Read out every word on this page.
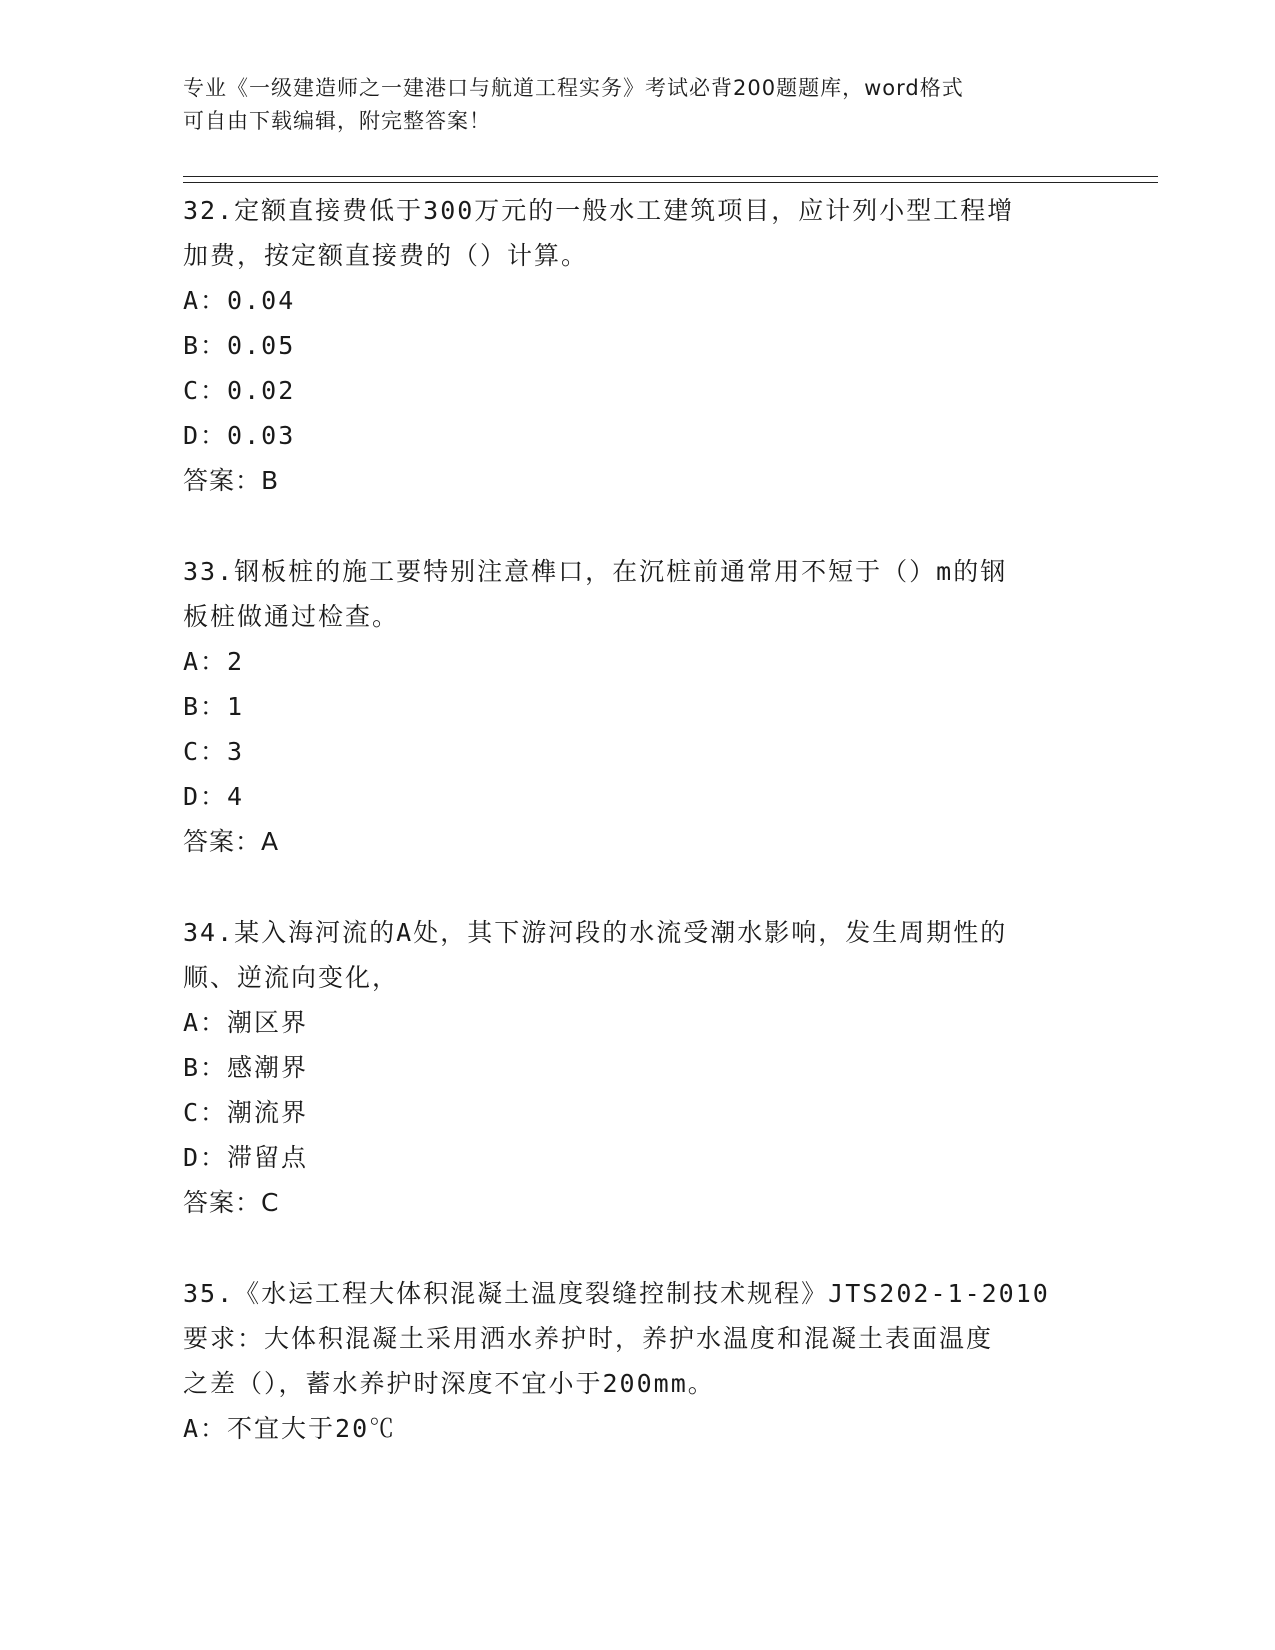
专业《一级建造师之一建港口与航道工程实务》考试必背200题题库，word格式
可自由下载编辑，附完整答案！

32.定额直接费低于300万元的一般水工建筑项目，应计列小型工程增

加费，按定额直接费的（）计算。

A：0.04

B：0.05

C：0.02

D：0.03

答案：B

33.钢板桩的施工要特别注意榫口，在沉桩前通常用不短于（）m的钢

板桩做通过检查。

A：2

B：1

C：3

D：4

答案：A

34.某入海河流的A处，其下游河段的水流受潮水影响，发生周期性的

顺、逆流向变化，

A：潮区界

B：感潮界

C：潮流界

D：滞留点

答案：C

35.《水运工程大体积混凝土温度裂缝控制技术规程》JTS202-1-2010

要求：大体积混凝土采用洒水养护时，养护水温度和混凝土表面温度

之差（），蓄水养护时深度不宜小于200mm。

A：不宜大于20℃
